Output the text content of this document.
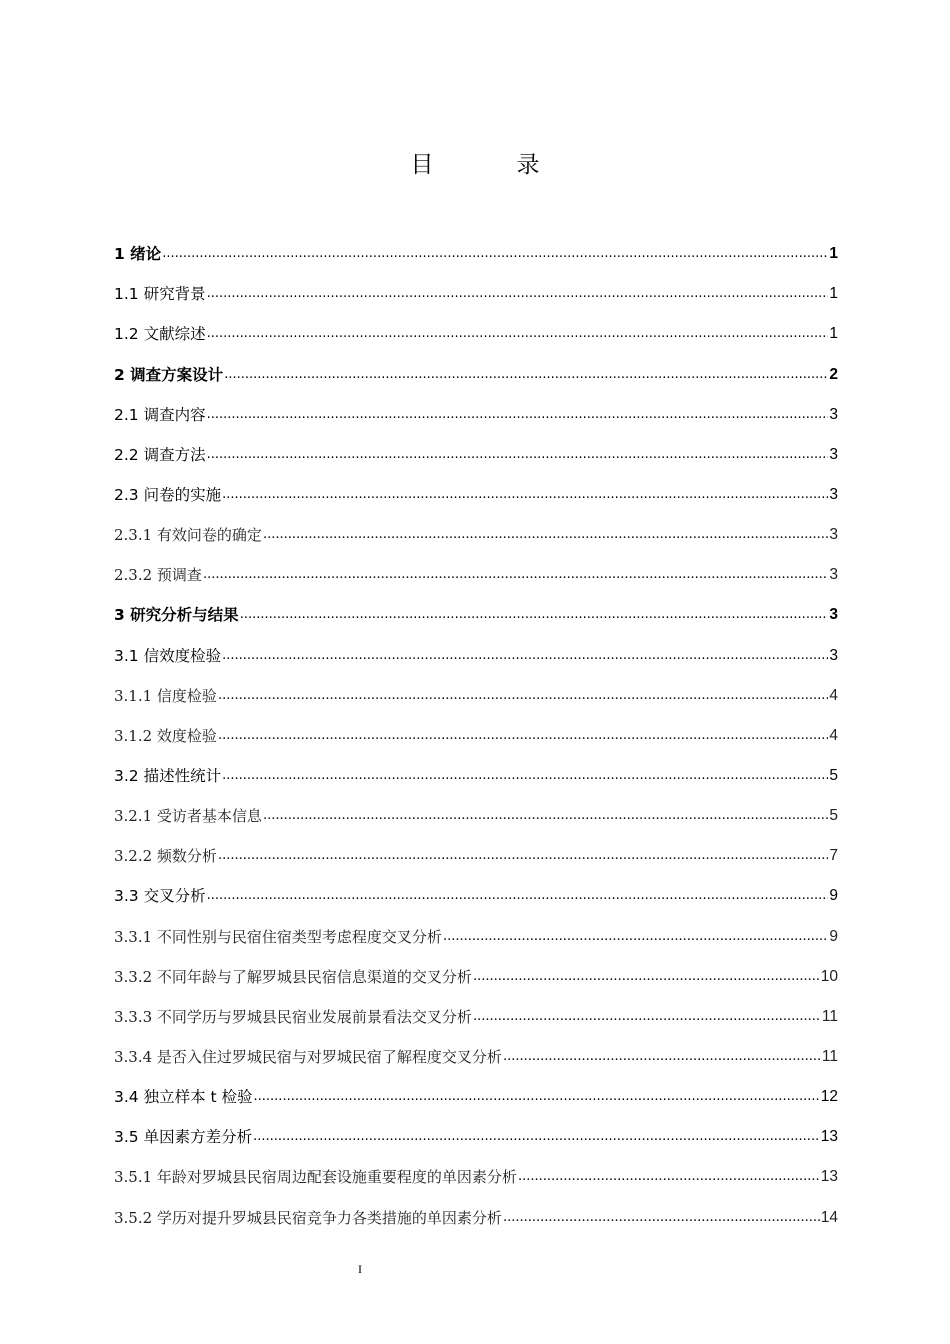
目　录
1 绪论 .....	1
1.1 研究背景 .....	1
1.2 文献综述 .....	1
2 调查方案设计 .....	2
2.1 调查内容 .....	3
2.2 调查方法 .....	3
2.3 问卷的实施 .....	3
2.3.1 有效问卷的确定 .....	3
2.3.2 预调查 .....	3
3 研究分析与结果 .....	3
3.1 信效度检验 .....	3
3.1.1 信度检验 .....	4
3.1.2 效度检验 .....	4
3.2 描述性统计 .....	5
3.2.1 受访者基本信息 .....	5
3.2.2 频数分析 .....	7
3.3 交叉分析 .....	9
3.3.1 不同性别与民宿住宿类型考虑程度交叉分析 .....	9
3.3.2 不同年龄与了解罗城县民宿信息渠道的交叉分析 .....	10
3.3.3 不同学历与罗城县民宿业发展前景看法交叉分析 .....	11
3.3.4 是否入住过罗城民宿与对罗城民宿了解程度交叉分析 .....	11
3.4 独立样本 t 检验 .....	12
3.5 单因素方差分析 .....	13
3.5.1 年龄对罗城县民宿周边配套设施重要程度的单因素分析 .....	13
3.5.2 学历对提升罗城县民宿竞争力各类措施的单因素分析 .....	14
I
